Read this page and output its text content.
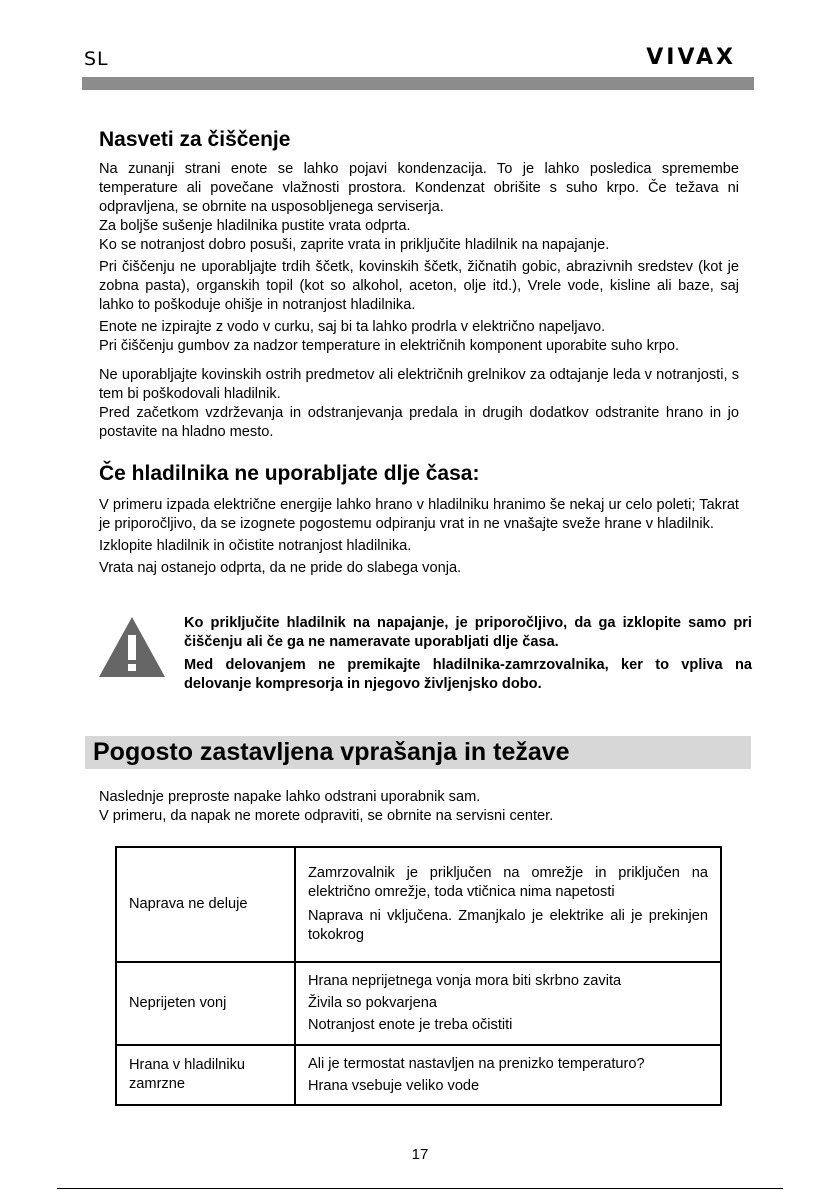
SL	VIVAX
Nasveti za čiščenje

Na zunanji strani enote se lahko pojavi kondenzacija. To je lahko posledica spremembe temperature ali povečane vlažnosti prostora. Kondenzat obrišite s suho krpo. Če težava ni odpravljena, se obrnite na usposobljenega serviserja.

Za boljše sušenje hladilnika pustite vrata odprta.

Ko se notranjost dobro posuši, zaprite vrata in priključite hladilnik na napajanje.

Pri čiščenju ne uporabljajte trdih ščetk, kovinskih ščetk, žičnatih gobic, abrazivnih sredstev (kot je zobna pasta), organskih topil (kot so alkohol, aceton, olje itd.), Vrele vode, kisline ali baze, saj lahko to poškoduje ohišje in notranjost hladilnika.

Enote ne izpirajte z vodo v curku, saj bi ta lahko prodrla v električno napeljavo.

Pri čiščenju gumbov za nadzor temperature in električnih komponent uporabite suho krpo.

Ne uporabljajte kovinskih ostrih predmetov ali električnih grelnikov za odtajanje leda v notranjosti, s tem bi poškodovali hladilnik.

Pred začetkom vzdrževanja in odstranjevanja predala in drugih dodatkov odstranite hrano in jo postavite na hladno mesto.

Če hladilnika ne uporabljate dlje časa:

V primeru izpada električne energije lahko hrano v hladilniku hranimo še nekaj ur celo poleti; Takrat je priporočljivo, da se izognete pogostemu odpiranju vrat in ne vnašajte sveže hrane v hladilnik.

Izklopite hladilnik in očistite notranjost hladilnika.

Vrata naj ostanejo odprta, da ne pride do slabega vonja.

Ko priključite hladilnik na napajanje, je priporočljivo, da ga izklopite samo pri čiščenju ali če ga ne nameravate uporabljati dlje časa.

Med delovanjem ne premikajte hladilnika-zamrzovalnika, ker to vpliva na delovanje kompresorja in njegovo življenjsko dobo.

Pogosto zastavljena vprašanja in težave

Naslednje preproste napake lahko odstrani uporabnik sam.

V primeru, da napak ne morete odpraviti, se obrnite na servisni center.

Naprava ne deluje	Zamrzovalnik je priključen na omrežje in priključen na električno omrežje, toda vtičnica nima napetosti

Naprava ni vključena. Zmanjkalo je elektrike ali je prekinjen tokokrog

Neprijeten vonj	Hrana neprijetnega vonja mora biti skrbno zavita

Živila so pokvarjena

Notranjost enote je treba očistiti

Hrana v hladilniku zamrzne	Ali je termostat nastavljen na prenizko temperaturo?

Hrana vsebuje veliko vode

17
